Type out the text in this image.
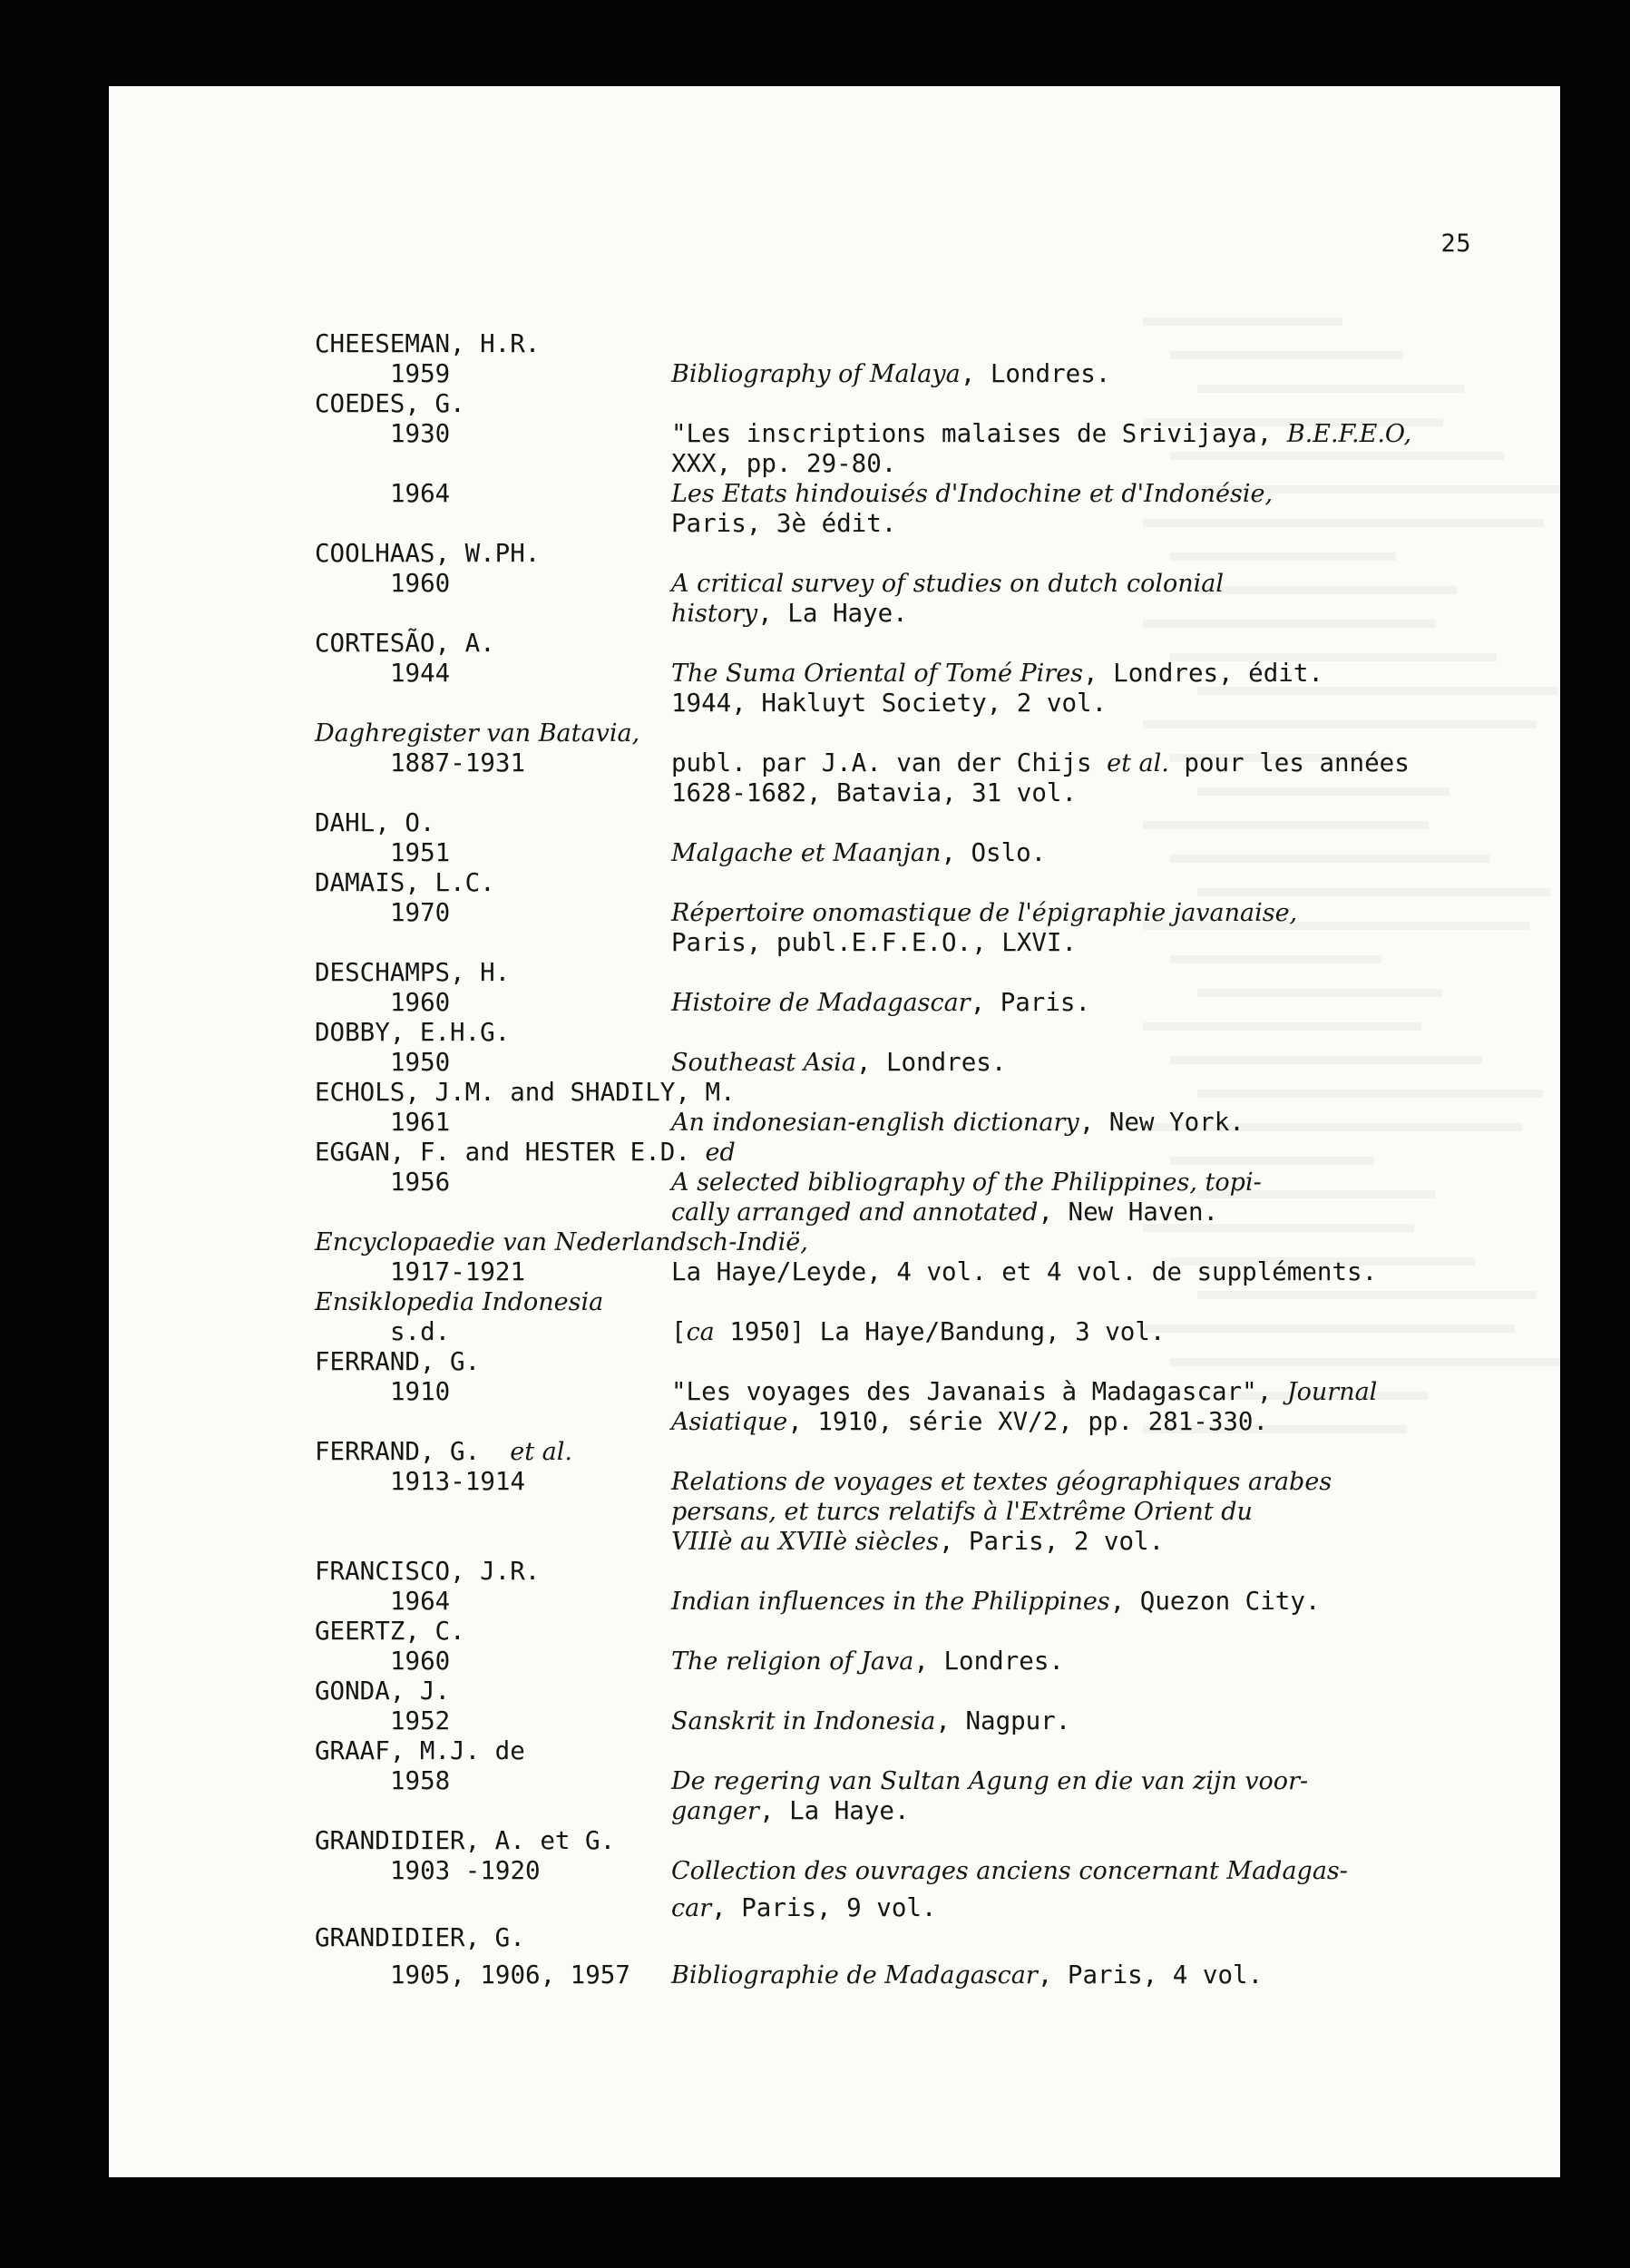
25
CHEESEMAN, H.R.
1959	Bibliography of Malaya, Londres.
COEDES, G.
1930	"Les inscriptions malaises de Srivijaya, B.E.F.E.O,
XXX, pp. 29-80.
1964	Les Etats hindouisés d'Indochine et d'Indonésie,
Paris, 3è édit.
COOLHAAS, W.PH.
1960	A critical survey of studies on dutch colonial
history, La Haye.
CORTESÃO, A.
1944	The Suma Oriental of Tomé Pires, Londres, édit.
1944, Hakluyt Society, 2 vol.
Daghregister van Batavia,
1887-1931	publ. par J.A. van der Chijs et al. pour les années
1628-1682, Batavia, 31 vol.
DAHL, O.
1951	Malgache et Maanjan, Oslo.
DAMAIS, L.C.
1970	Répertoire onomastique de l'épigraphie javanaise,
Paris, publ.E.F.E.O., LXVI.
DESCHAMPS, H.
1960	Histoire de Madagascar, Paris.
DOBBY, E.H.G.
1950	Southeast Asia, Londres.
ECHOLS, J.M. and SHADILY, M.
1961	An indonesian-english dictionary, New York.
EGGAN, F. and HESTER E.D. ed
1956	A selected bibliography of the Philippines, topi-
cally arranged and annotated, New Haven.
Encyclopaedie van Nederlandsch-Indië,
1917-1921	La Haye/Leyde, 4 vol. et 4 vol. de suppléments.
Ensiklopedia Indonesia
s.d.	[ca 1950] La Haye/Bandung, 3 vol.
FERRAND, G.
1910	"Les voyages des Javanais à Madagascar", Journal
Asiatique, 1910, série XV/2, pp. 281-330.
FERRAND, G.  et al.
1913-1914	Relations de voyages et textes géographiques arabes
persans, et turcs relatifs à l'Extrême Orient du
VIIIè au XVIIè siècles, Paris, 2 vol.
FRANCISCO, J.R.
1964	Indian influences in the Philippines, Quezon City.
GEERTZ, C.
1960	The religion of Java, Londres.
GONDA, J.
1952	Sanskrit in Indonesia, Nagpur.
GRAAF, M.J. de
1958	De regering van Sultan Agung en die van zijn voor-
ganger, La Haye.
GRANDIDIER, A. et G.
1903 -1920	Collection des ouvrages anciens concernant Madagas-
car, Paris, 9 vol.
GRANDIDIER, G.
1905, 1906, 1957 Bibliographie de Madagascar, Paris, 4 vol.
